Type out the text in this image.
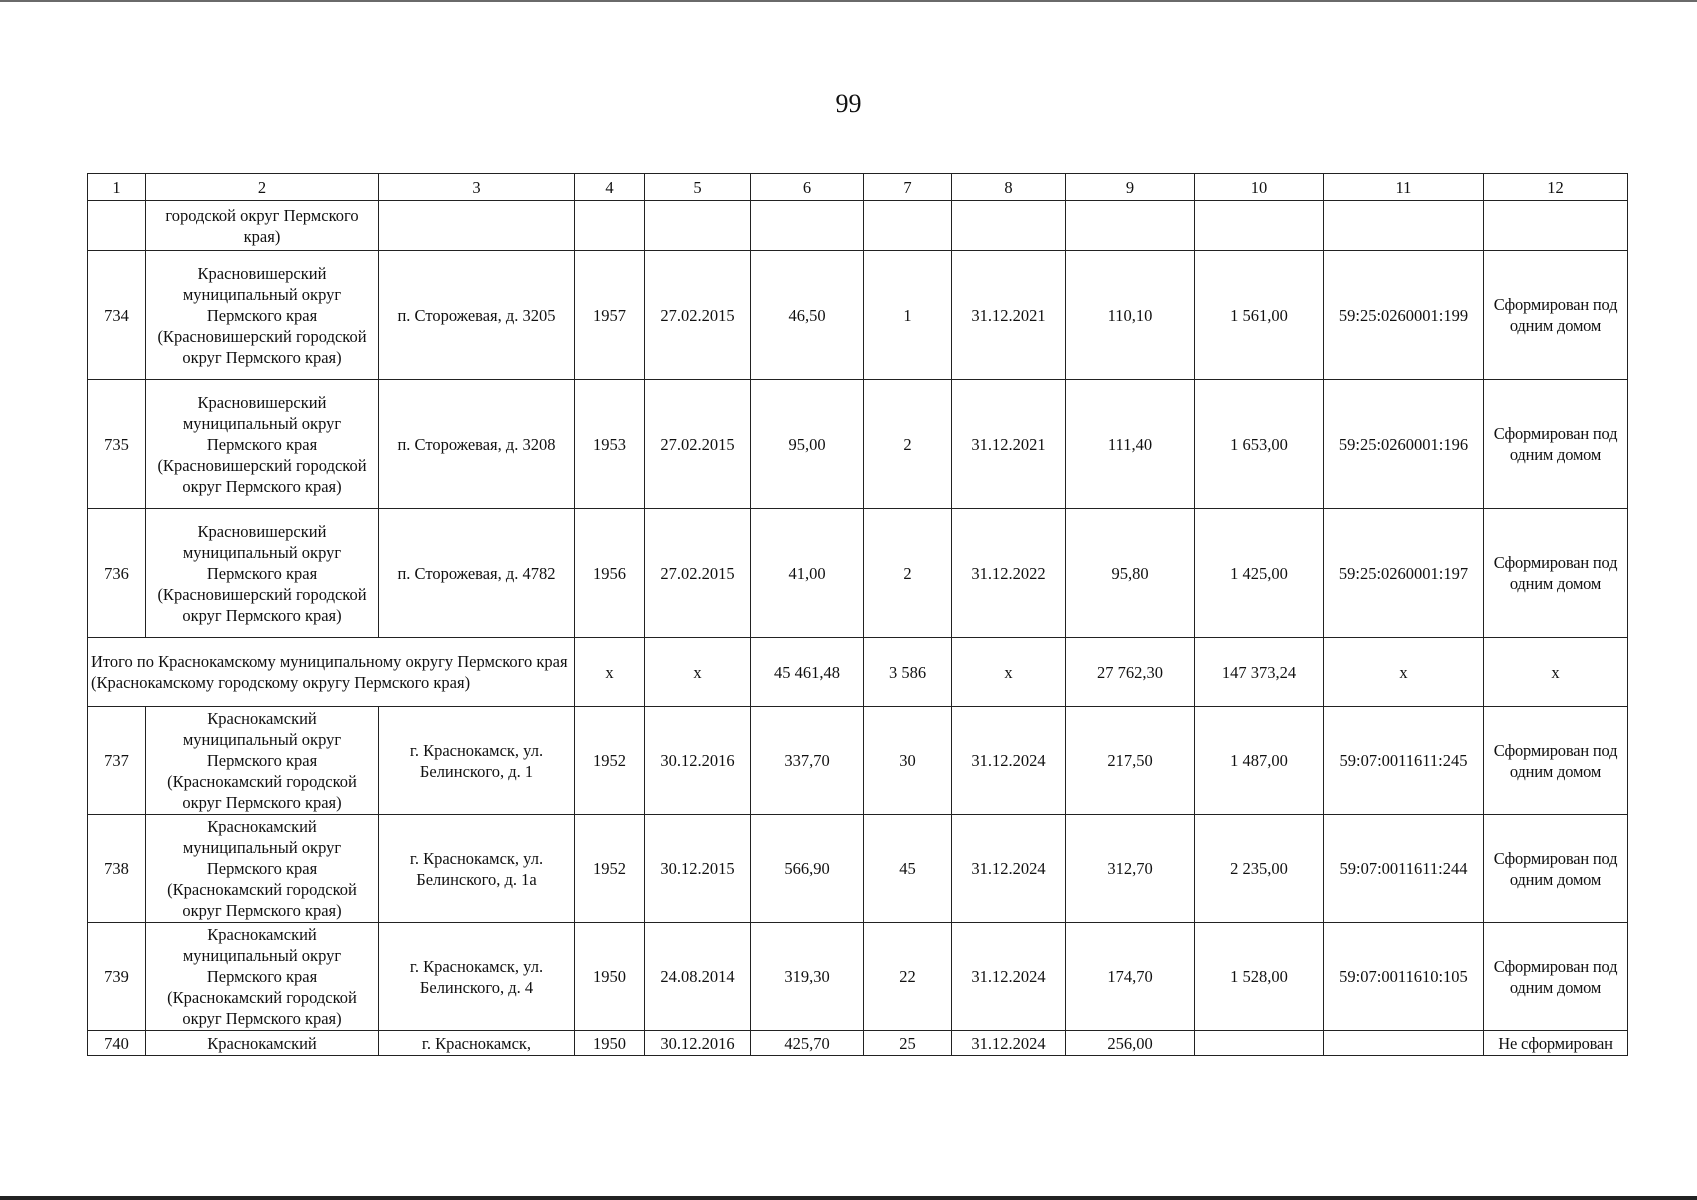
99
1	2	3	4	5	6	7	8	9	10	11	12
	городской округ Пермского края)										
734	Красновишерский муниципальный округ Пермского края (Красновишерский городской округ Пермского края)	п. Сторожевая, д. 3205	1957	27.02.2015	46,50	1	31.12.2021	110,10	1 561,00	59:25:0260001:199	Сформирован под одним домом
735	Красновишерский муниципальный округ Пермского края (Красновишерский городской округ Пермского края)	п. Сторожевая, д. 3208	1953	27.02.2015	95,00	2	31.12.2021	111,40	1 653,00	59:25:0260001:196	Сформирован под одним домом
736	Красновишерский муниципальный округ Пермского края (Красновишерский городской округ Пермского края)	п. Сторожевая, д. 4782	1956	27.02.2015	41,00	2	31.12.2022	95,80	1 425,00	59:25:0260001:197	Сформирован под одним домом
Итого по Краснокамскому муниципальному округу Пермского края (Краснокамскому городскому округу Пермского края)			х	х	45 461,48	3 586	х	27 762,30	147 373,24	х	х
737	Краснокамский муниципальный округ Пермского края (Краснокамский городской округ Пермского края)	г. Краснокамск, ул. Белинского, д. 1	1952	30.12.2016	337,70	30	31.12.2024	217,50	1 487,00	59:07:0011611:245	Сформирован под одним домом
738	Краснокамский муниципальный округ Пермского края (Краснокамский городской округ Пермского края)	г. Краснокамск, ул. Белинского, д. 1а	1952	30.12.2015	566,90	45	31.12.2024	312,70	2 235,00	59:07:0011611:244	Сформирован под одним домом
739	Краснокамский муниципальный округ Пермского края (Краснокамский городской округ Пермского края)	г. Краснокамск, ул. Белинского, д. 4	1950	24.08.2014	319,30	22	31.12.2024	174,70	1 528,00	59:07:0011610:105	Сформирован под одним домом
740	Краснокамский	г. Краснокамск,	1950	30.12.2016	425,70	25	31.12.2024	256,00			Не сформирован
